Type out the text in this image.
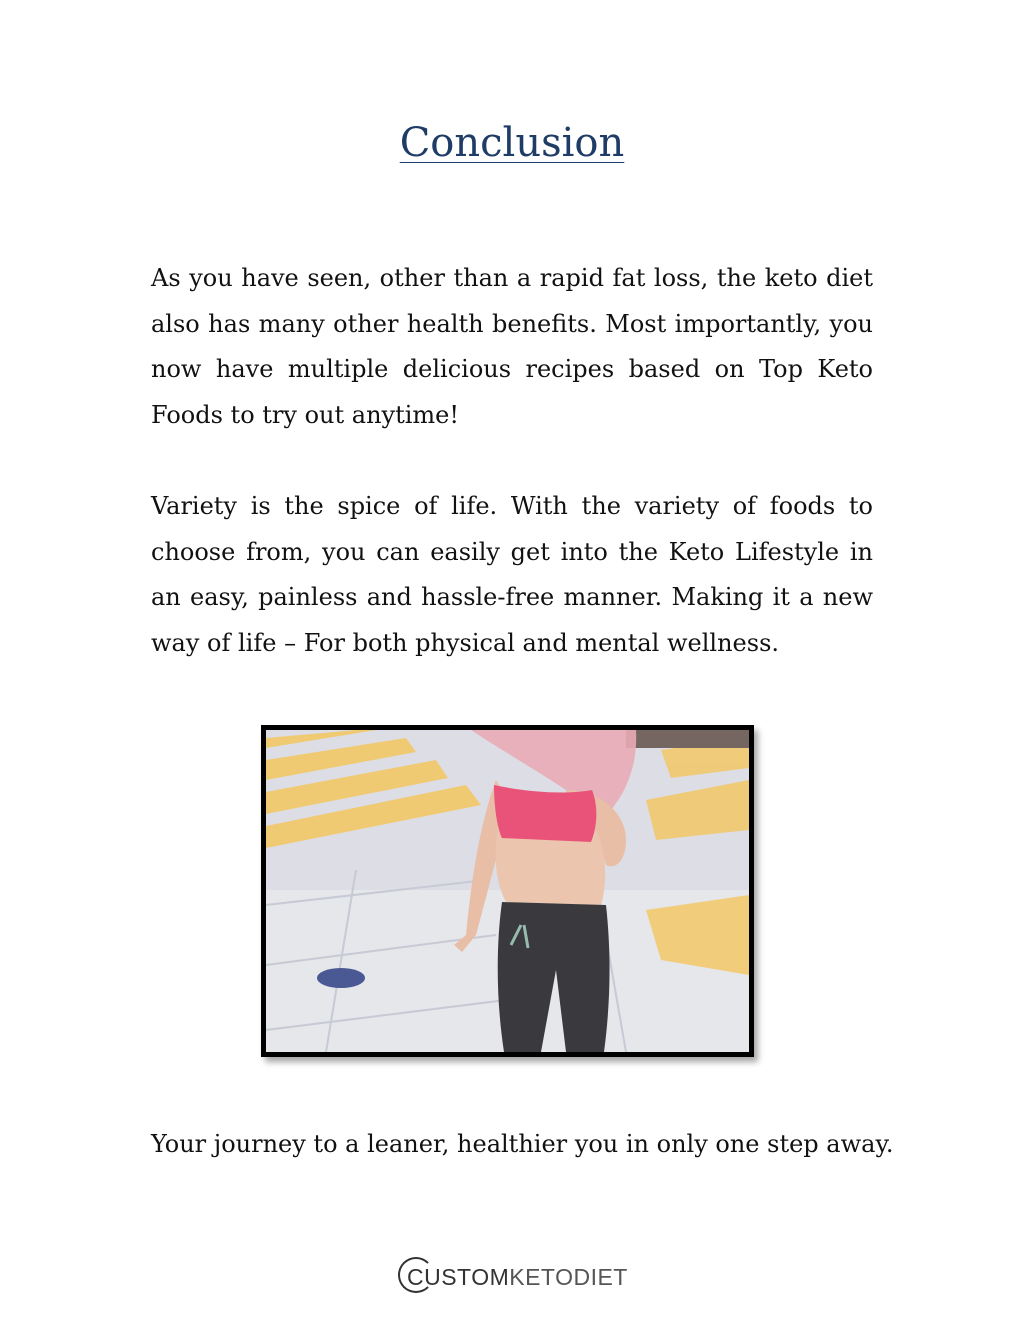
Conclusion

As you have seen, other than a rapid fat loss, the keto diet also has many other health benefits. Most importantly, you now have multiple delicious recipes based on Top Keto Foods to try out anytime!

Variety is the spice of life. With the variety of foods to choose from, you can easily get into the Keto Lifestyle in an easy, painless and hassle-free manner. Making it a new way of life – For both physical and mental wellness.

Your journey to a leaner, healthier you in only one step away.

CUSTOM KETODIET
